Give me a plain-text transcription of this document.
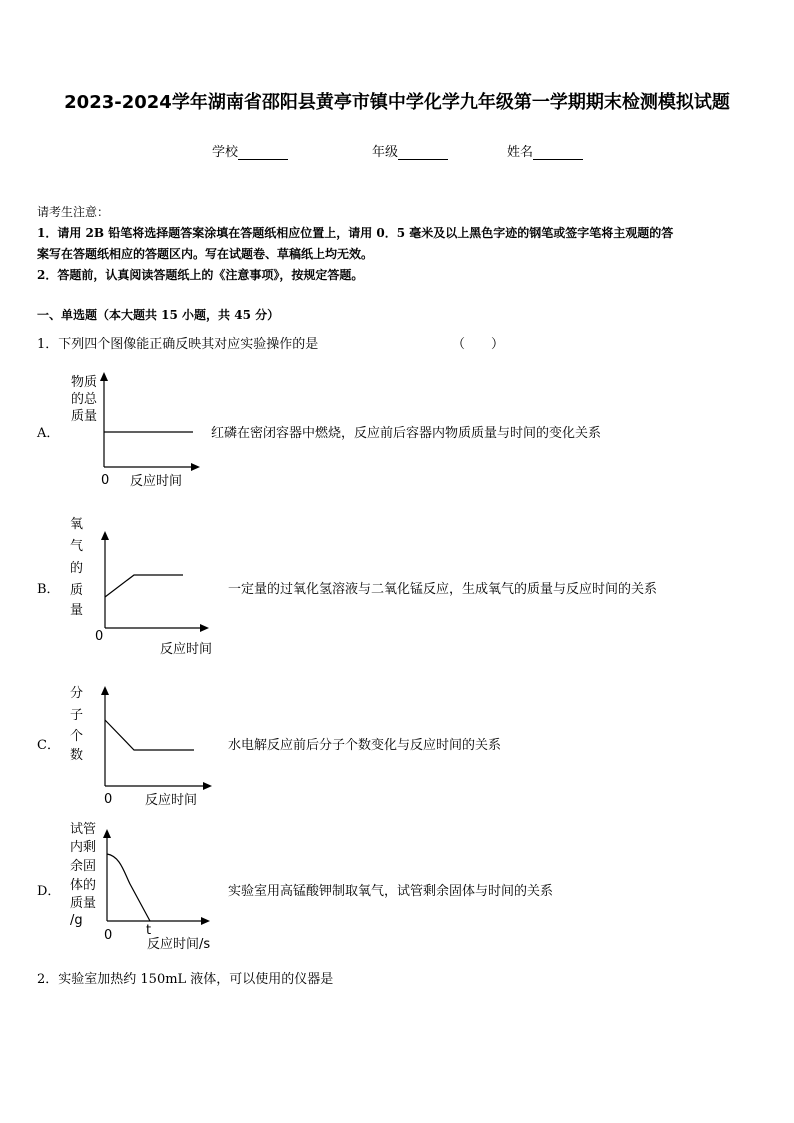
2023-2024学年湖南省邵阳县黄亭市镇中学化学九年级第一学期期末检测模拟试题
学校	年级	姓名
请考生注意：
1．请用 2B 铅笔将选择题答案涂填在答题纸相应位置上，请用 0．5 毫米及以上黑色字迹的钢笔或签字笔将主观题的答
案写在答题纸相应的答题区内。写在试题卷、草稿纸上均无效。
2．答题前，认真阅读答题纸上的《注意事项》，按规定答题。
一、单选题（本大题共 15 小题，共 45 分）
1．下列四个图像能正确反映其对应实验操作的是	（　　）
A．
物质
的总
质量
0 反应时间
氧
气
的
质
量
0
反应时间
分
子
个
数
0	反应时间
试管
内剩
余固
体的
质量
/g
0	t
反应时间/s
红磷在密闭容器中燃烧，反应前后容器内物质质量与时间的变化关系
B．	一定量的过氧化氢溶液与二氧化锰反应，生成氧气的质量与反应时间的关系
C．	水电解反应前后分子个数变化与反应时间的关系
D．	实验室用高锰酸钾制取氧气，试管剩余固体与时间的关系
2．实验室加热约 150mL 液体，可以使用的仪器是
